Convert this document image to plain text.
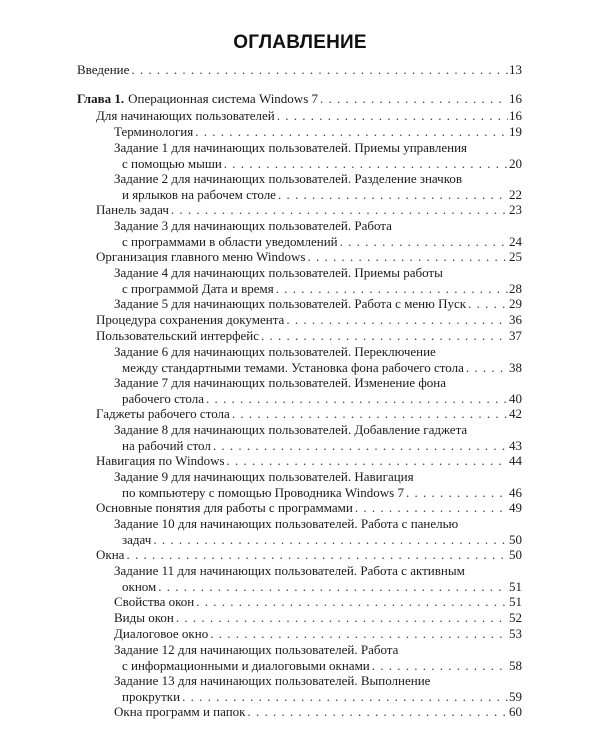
ОГЛАВЛЕНИЕ
Введение . . .	13
Глава 1. Операционная система Windows 7 . . .	16
Для начинающих пользователей . . .	16
Терминология . . .	19
Задание 1 для начинающих пользователей. Приемы управления
с помощью мыши . . .	20
Задание 2 для начинающих пользователей. Разделение значков
и ярлыков на рабочем столе . . .	22
Панель задач . . .	23
Задание 3 для начинающих пользователей. Работа
с программами в области уведомлений . . .	24
Организация главного меню Windows . . .	25
Задание 4 для начинающих пользователей. Приемы работы
с программой Дата и время . . .	28
Задание 5 для начинающих пользователей. Работа с меню Пуск . . .	29
Процедура сохранения документа . . .	36
Пользовательский интерфейс . . .	37
Задание 6 для начинающих пользователей. Переключение
между стандартными темами. Установка фона рабочего стола . . .	38
Задание 7 для начинающих пользователей. Изменение фона
рабочего стола . . .	40
Гаджеты рабочего стола . . .	42
Задание 8 для начинающих пользователей. Добавление гаджета
на рабочий стол . . .	43
Навигация по Windows . . .	44
Задание 9 для начинающих пользователей. Навигация
по компьютеру с помощью Проводника Windows 7 . . .	46
Основные понятия для работы с программами . . .	49
Задание 10 для начинающих пользователей. Работа с панелью
задач . . .	50
Окна . . .	50
Задание 11 для начинающих пользователей. Работа с активным
окном . . .	51
Свойства окон . . .	51
Виды окон . . .	52
Диалоговое окно . . .	53
Задание 12 для начинающих пользователей. Работа
с информационными и диалоговыми окнами . . .	58
Задание 13 для начинающих пользователей. Выполнение
прокрутки . . .	59
Окна программ и папок . . .	60
